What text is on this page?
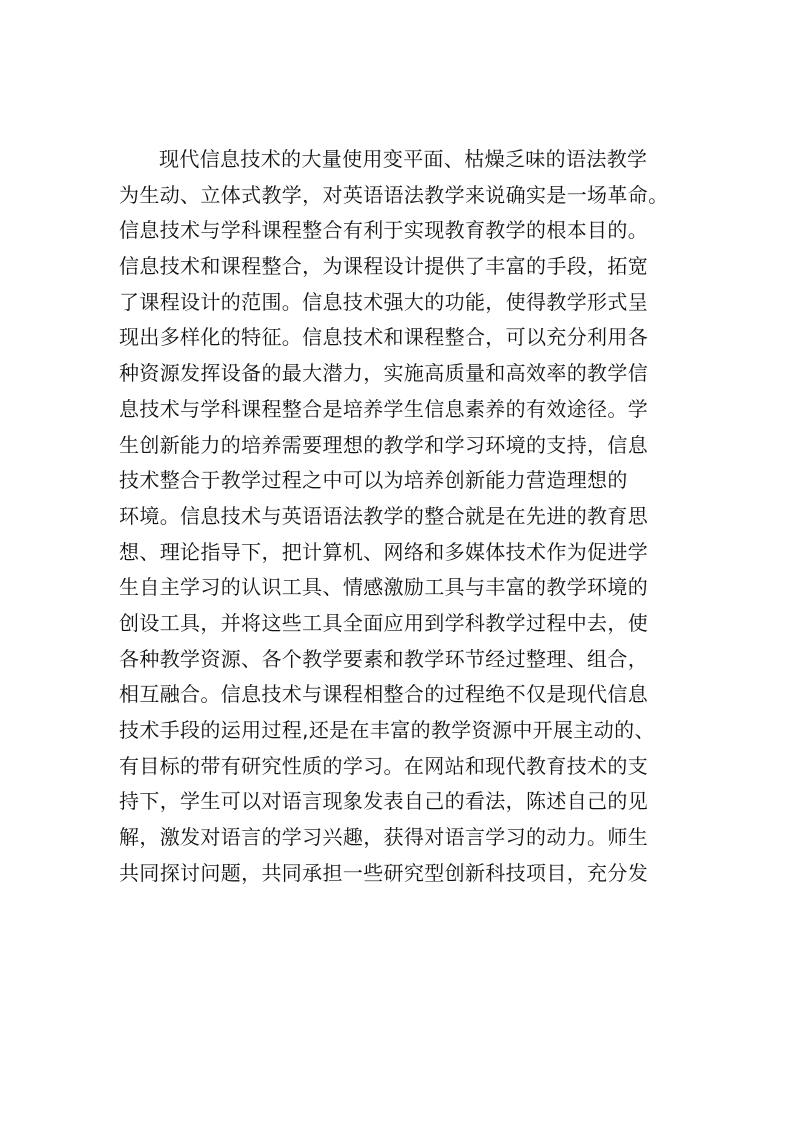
现代信息技术的大量使用变平面、枯燥乏味的语法教学
为生动、立体式教学，对英语语法教学来说确实是一场革命。
信息技术与学科课程整合有利于实现教育教学的根本目的。
信息技术和课程整合，为课程设计提供了丰富的手段，拓宽
了课程设计的范围。信息技术强大的功能，使得教学形式呈
现出多样化的特征。信息技术和课程整合，可以充分利用各
种资源发挥设备的最大潜力，实施高质量和高效率的教学信
息技术与学科课程整合是培养学生信息素养的有效途径。学
生创新能力的培养需要理想的教学和学习环境的支持，信息
技术整合于教学过程之中可以为培养创新能力营造理想的
环境。信息技术与英语语法教学的整合就是在先进的教育思
想、理论指导下，把计算机、网络和多媒体技术作为促进学
生自主学习的认识工具、情感激励工具与丰富的教学环境的
创设工具，并将这些工具全面应用到学科教学过程中去，使
各种教学资源、各个教学要素和教学环节经过整理、组合，
相互融合。信息技术与课程相整合的过程绝不仅是现代信息
技术手段的运用过程,还是在丰富的教学资源中开展主动的、
有目标的带有研究性质的学习。在网站和现代教育技术的支
持下，学生可以对语言现象发表自己的看法，陈述自己的见
解，激发对语言的学习兴趣，获得对语言学习的动力。师生
共同探讨问题，共同承担一些研究型创新科技项目，充分发
